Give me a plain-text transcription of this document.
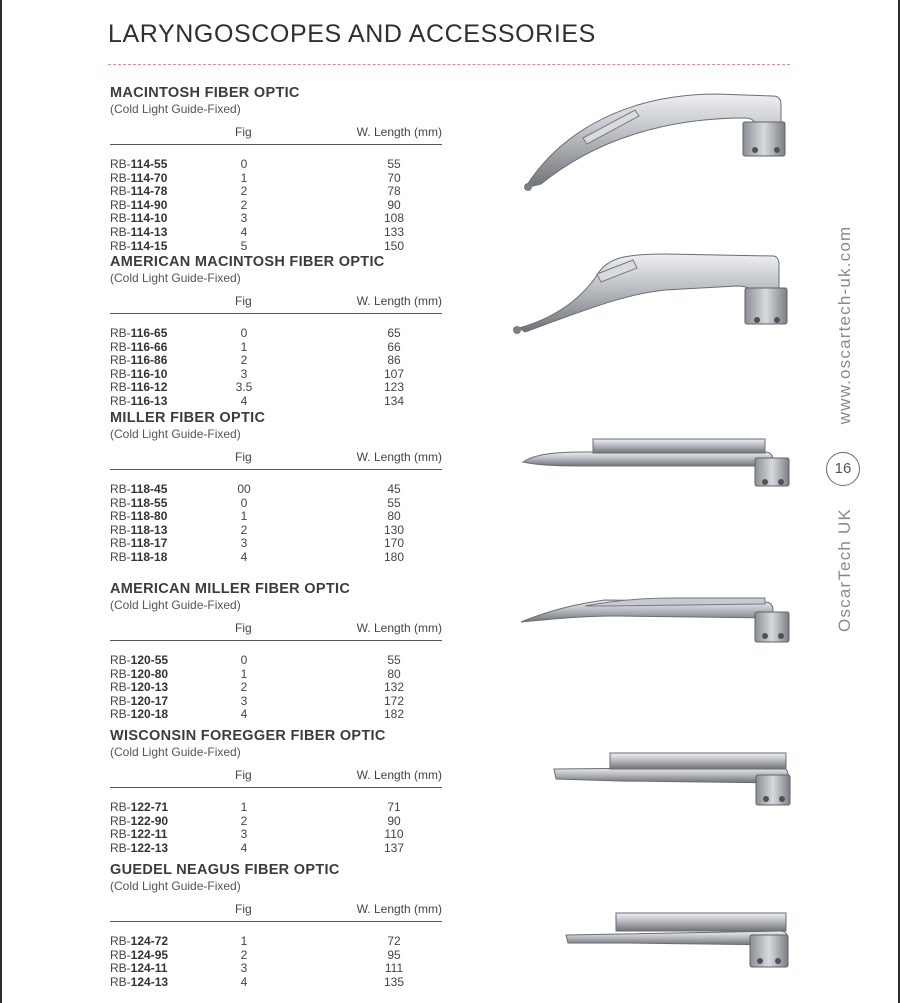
LARYNGOSCOPES AND ACCESSORIES
MACINTOSH FIBER OPTIC
(Cold Light Guide-Fixed)
Fig	W. Length (mm)
RB-114-55	0	55
RB-114-70	1	70
RB-114-78	2	78
RB-114-90	2	90
RB-114-10	3	108
RB-114-13	4	133
RB-114-15	5	150
AMERICAN MACINTOSH FIBER OPTIC
(Cold Light Guide-Fixed)
Fig	W. Length (mm)
RB-116-65	0	65
RB-116-66	1	66
RB-116-86	2	86
RB-116-10	3	107
RB-116-12	3.5	123
RB-116-13	4	134
MILLER FIBER OPTIC
(Cold Light Guide-Fixed)
Fig	W. Length (mm)
RB-118-45	00	45
RB-118-55	0	55
RB-118-80	1	80
RB-118-13	2	130
RB-118-17	3	170
RB-118-18	4	180
AMERICAN MILLER FIBER OPTIC
(Cold Light Guide-Fixed)
Fig	W. Length (mm)
RB-120-55	0	55
RB-120-80	1	80
RB-120-13	2	132
RB-120-17	3	172
RB-120-18	4	182
WISCONSIN FOREGGER FIBER OPTIC
(Cold Light Guide-Fixed)
Fig	W. Length (mm)
RB-122-71	1	71
RB-122-90	2	90
RB-122-11	3	110
RB-122-13	4	137
GUEDEL NEAGUS FIBER OPTIC
(Cold Light Guide-Fixed)
Fig	W. Length (mm)
RB-124-72	1	72
RB-124-95	2	95
RB-124-11	3	111
RB-124-13	4	135
www.oscartech-uk.com
16
OscarTech UK
